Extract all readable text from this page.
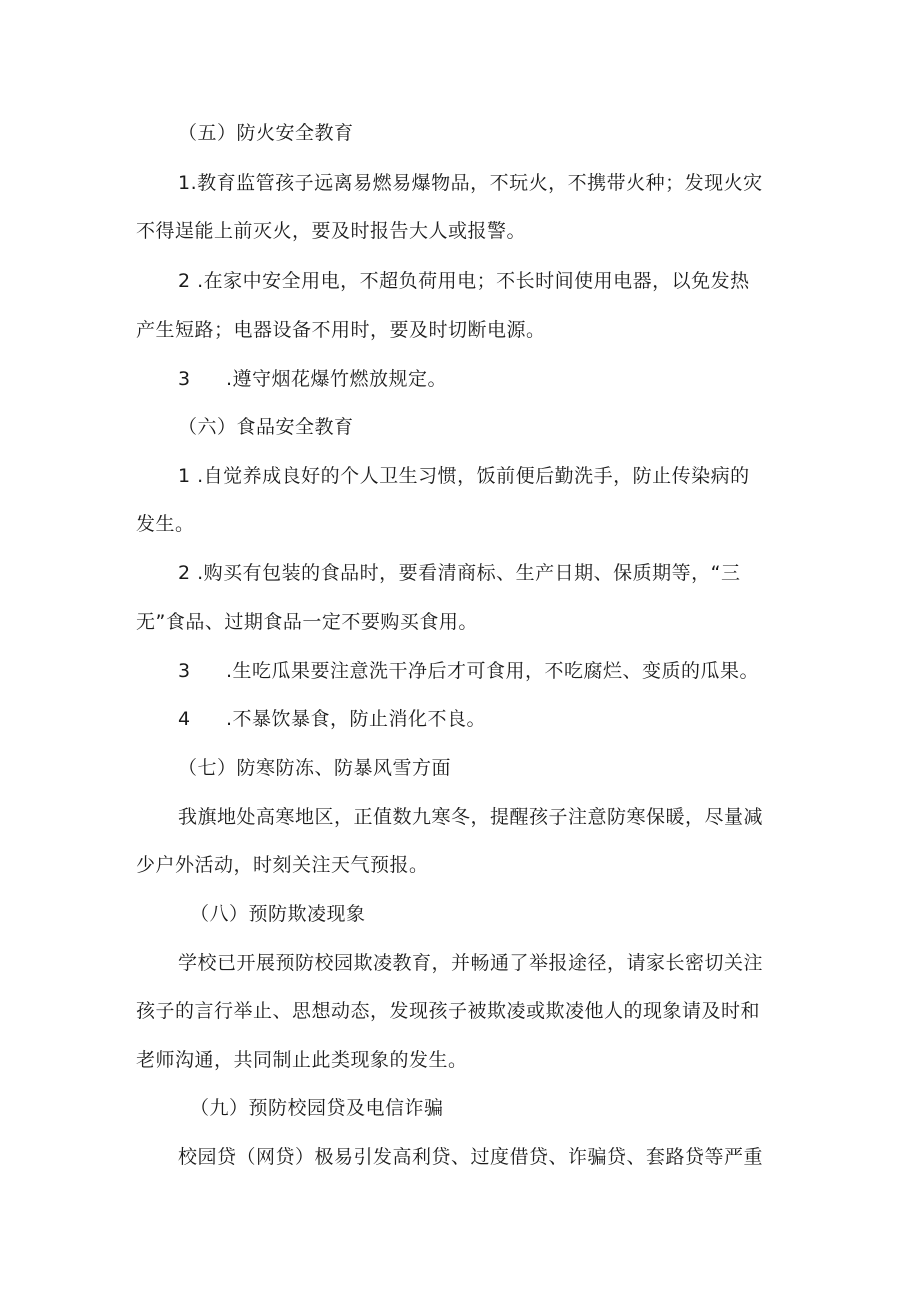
（五）防火安全教育
1.教育监管孩子远离易燃易爆物品，不玩火，不携带火种；发现火灾
不得逞能上前灭火，要及时报告大人或报警。
2 .在家中安全用电，不超负荷用电；不长时间使用电器，以免发热
产生短路；电器设备不用时，要及时切断电源。
3 .遵守烟花爆竹燃放规定。
（六）食品安全教育
1 .自觉养成良好的个人卫生习惯，饭前便后勤洗手，防止传染病的
发生。
2 .购买有包装的食品时，要看清商标、生产日期、保质期等，“三
无”食品、过期食品一定不要购买食用。
3 .生吃瓜果要注意洗干净后才可食用，不吃腐烂、变质的瓜果。
4 .不暴饮暴食，防止消化不良。
（七）防寒防冻、防暴风雪方面
我旗地处高寒地区，正值数九寒冬，提醒孩子注意防寒保暖，尽量减
少户外活动，时刻关注天气预报。
（八）预防欺凌现象
学校已开展预防校园欺凌教育，并畅通了举报途径，请家长密切关注
孩子的言行举止、思想动态，发现孩子被欺凌或欺凌他人的现象请及时和
老师沟通，共同制止此类现象的发生。
（九）预防校园贷及电信诈骗
校园贷（网贷）极易引发高利贷、过度借贷、诈骗贷、套路贷等严重
